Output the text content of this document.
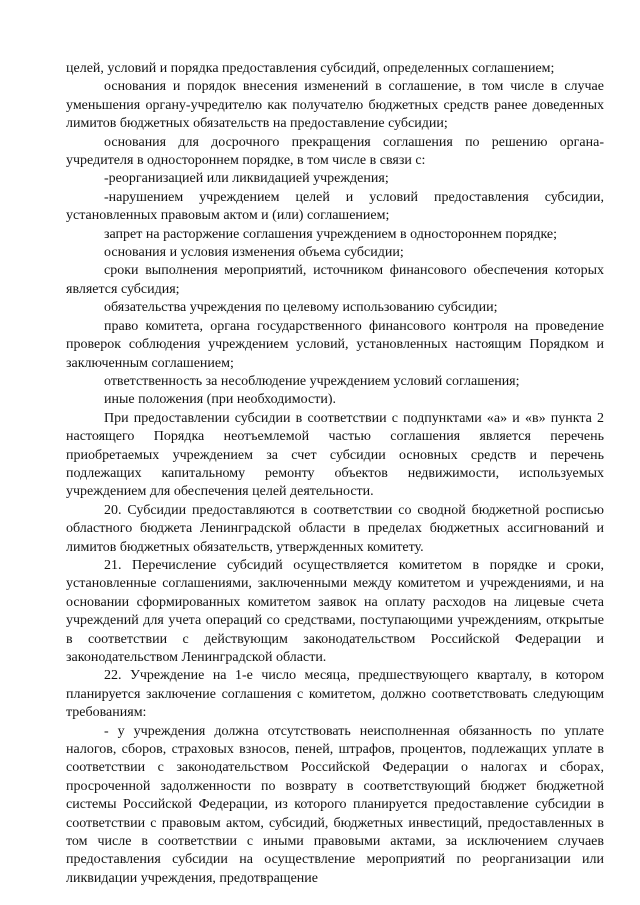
целей, условий и порядка предоставления субсидий, определенных соглашением;

основания и порядок внесения изменений в соглашение, в том числе в случае уменьшения органу-учредителю как получателю бюджетных средств ранее доведенных лимитов бюджетных обязательств на предоставление субсидии;

основания для досрочного прекращения соглашения по решению органа-учредителя в одностороннем порядке, в том числе в связи с:

-реорганизацией или ликвидацией учреждения;

-нарушением учреждением целей и условий предоставления субсидии, установленных правовым актом и (или) соглашением;

запрет на расторжение соглашения учреждением в одностороннем порядке;

основания и условия изменения объема субсидии;

сроки выполнения мероприятий, источником финансового обеспечения которых является субсидия;

обязательства учреждения по целевому использованию субсидии;

право комитета, органа государственного финансового контроля на проведение проверок соблюдения учреждением условий, установленных настоящим Порядком и заключенным соглашением;

ответственность за несоблюдение учреждением условий соглашения;

иные положения (при необходимости).

При предоставлении субсидии в соответствии с подпунктами «а» и «в» пункта 2 настоящего Порядка неотъемлемой частью соглашения является перечень приобретаемых учреждением за счет субсидии основных средств и перечень подлежащих капитальному ремонту объектов недвижимости, используемых учреждением для обеспечения целей деятельности.

20. Субсидии предоставляются в соответствии со сводной бюджетной росписью областного бюджета Ленинградской области в пределах бюджетных ассигнований и лимитов бюджетных обязательств, утвержденных комитету.

21. Перечисление субсидий осуществляется комитетом в порядке и сроки, установленные соглашениями, заключенными между комитетом и учреждениями, и на основании сформированных комитетом заявок на оплату расходов на лицевые счета учреждений для учета операций со средствами, поступающими учреждениям, открытые в соответствии с действующим законодательством Российской Федерации и законодательством Ленинградской области.

22. Учреждение на 1-е число месяца, предшествующего кварталу, в котором планируется заключение соглашения с комитетом, должно соответствовать следующим требованиям:

- у учреждения должна отсутствовать неисполненная обязанность по уплате налогов, сборов, страховых взносов, пеней, штрафов, процентов, подлежащих уплате в соответствии с законодательством Российской Федерации о налогах и сборах, просроченной задолженности по возврату в соответствующий бюджет бюджетной системы Российской Федерации, из которого планируется предоставление субсидии в соответствии с правовым актом, субсидий, бюджетных инвестиций, предоставленных в том числе в соответствии с иными правовыми актами, за исключением случаев предоставления субсидии на осуществление мероприятий по реорганизации или ликвидации учреждения, предотвращение
